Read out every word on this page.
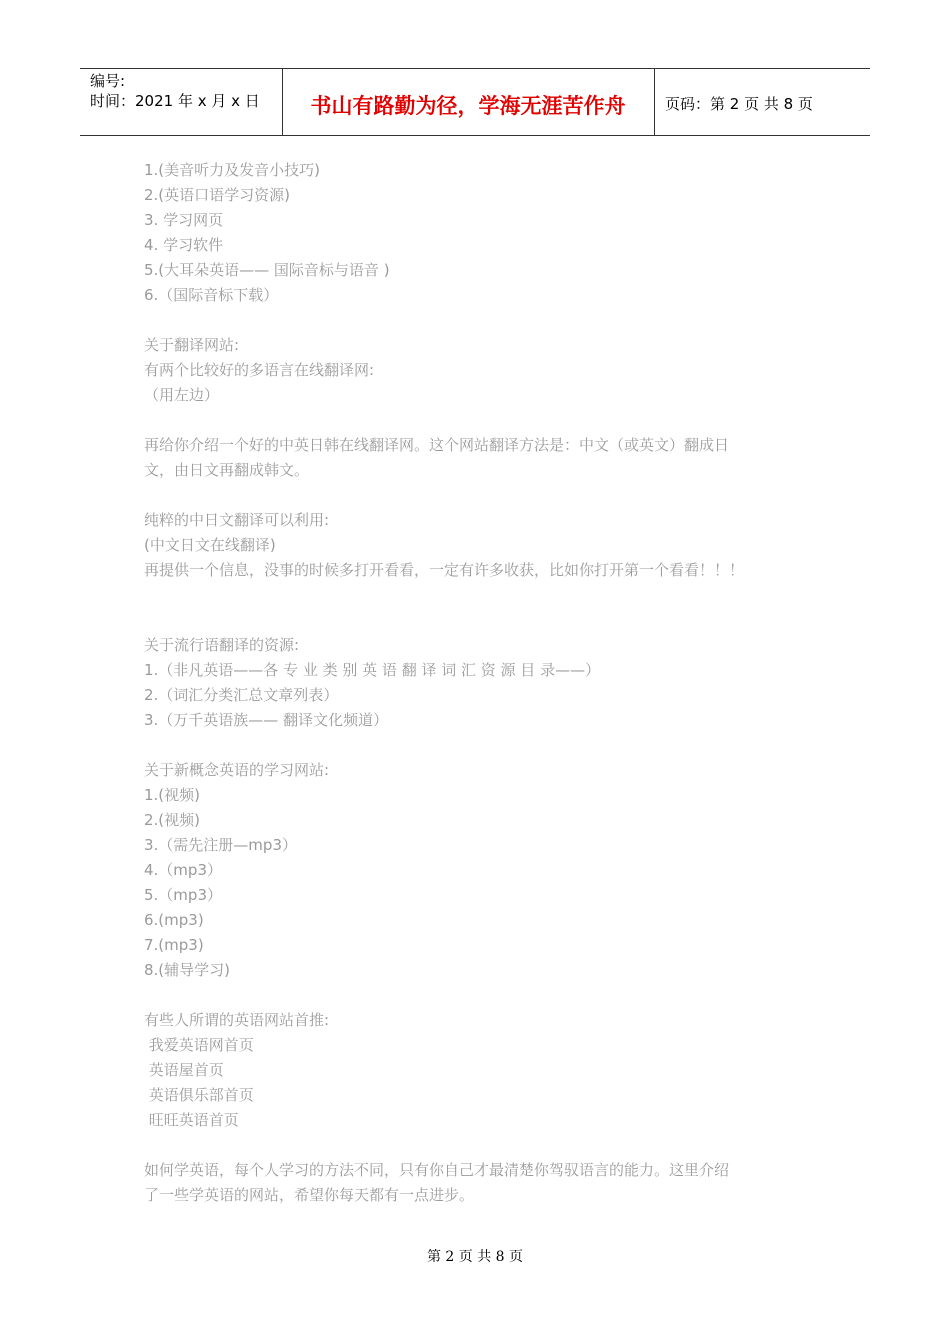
编号:
时间：2021 年 x 月 x 日	书山有路勤为径，学海无涯苦作舟	页码：第 2 页 共 8 页
1.(美音听力及发音小技巧)
2.(英语口语学习资源)
3. 学习网页
4. 学习软件
5.(大耳朵英语—— 国际音标与语音 )
6.（国际音标下载）
关于翻译网站:
有两个比较好的多语言在线翻译网:
（用左边）
再给你介绍一个好的中英日韩在线翻译网。这个网站翻译方法是：中文（或英文）翻成日
文，由日文再翻成韩文。
纯粹的中日文翻译可以利用:
(中文日文在线翻译)
再提供一个信息，没事的时候多打开看看，一定有许多收获，比如你打开第一个看看！！！
关于流行语翻译的资源:
1.（非凡英语——各 专 业 类 别 英 语 翻 译 词 汇 资 源 目 录——）
2.（词汇分类汇总文章列表）
3.（万千英语族—— 翻译文化频道）
关于新概念英语的学习网站:
1.(视频)
2.(视频)
3.（需先注册—mp3）
4.（mp3）
5.（mp3）
6.(mp3)
7.(mp3)
8.(辅导学习)
有些人所谓的英语网站首推:
我爱英语网首页
英语屋首页
英语俱乐部首页
旺旺英语首页
如何学英语，每个人学习的方法不同，只有你自己才最清楚你驾驭语言的能力。这里介绍
了一些学英语的网站，希望你每天都有一点进步。
第 2 页 共 8 页
